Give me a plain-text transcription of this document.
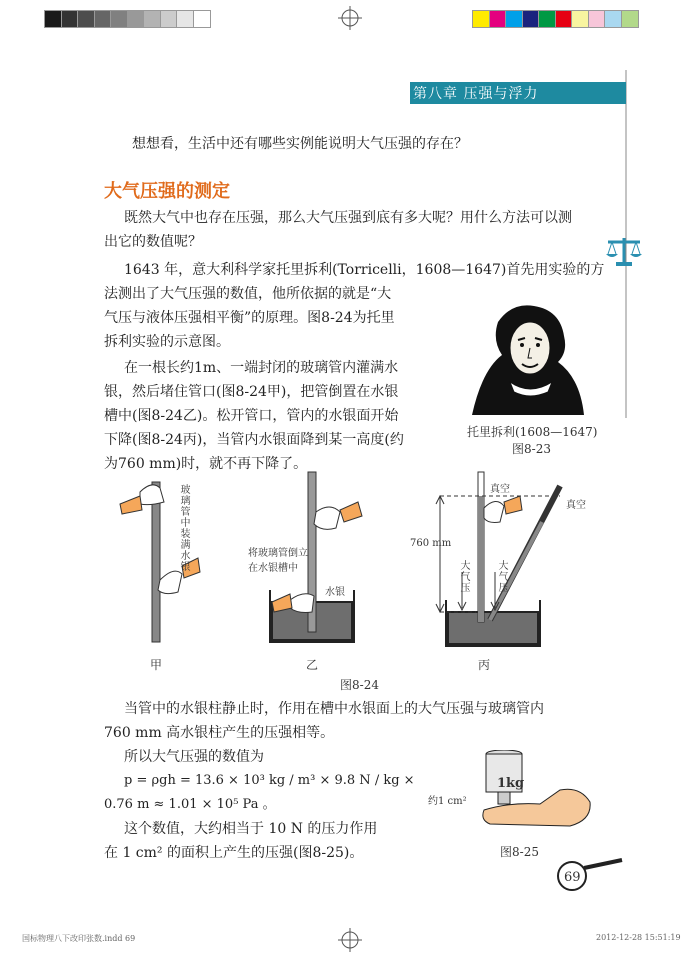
第八章 压强与浮力
想想看，生活中还有哪些实例能说明大气压强的存在？
大气压强的测定
既然大气中也存在压强，那么大气压强到底有多大呢？用什么方法可以测
出它的数值呢？
1643 年，意大利科学家托里拆利(Torricelli，1608—1647)首先用实验的方
法测出了大气压强的数值，他所依据的就是“大
气压与液体压强相平衡”的原理。图8-24为托里
拆利实验的示意图。
在一根长约1m、一端封闭的玻璃管内灌满水
银，然后堵住管口(图8-24甲)，把管倒置在水银
槽中(图8-24乙)。松开管口，管内的水银面开始
下降(图8-24丙)，当管内水银面降到某一高度(约
为760 mm)时，就不再下降了。
托里拆利(1608—1647)
图8-23
玻璃管中装满水银	将玻璃管倒立在水银槽中
水银
真空
真空
760 mm
大气压	大气压
甲	乙	丙
图8-24
当管中的水银柱静止时，作用在槽中水银面上的大气压强与玻璃管内
760 mm 高水银柱产生的压强相等。
所以大气压强的数值为
p = ρgh = 13.6 × 10³ kg / m³ × 9.8 N / kg ×
0.76 m ≈ 1.01 × 10⁵ Pa 。
这个数值，大约相当于 10 N 的压力作用
在 1 cm² 的面积上产生的压强(图8-25)。
1kg
约1 cm²
图8-25
69
国标物理八下改印张数.indd 69	2012-12-28 15:51:19
